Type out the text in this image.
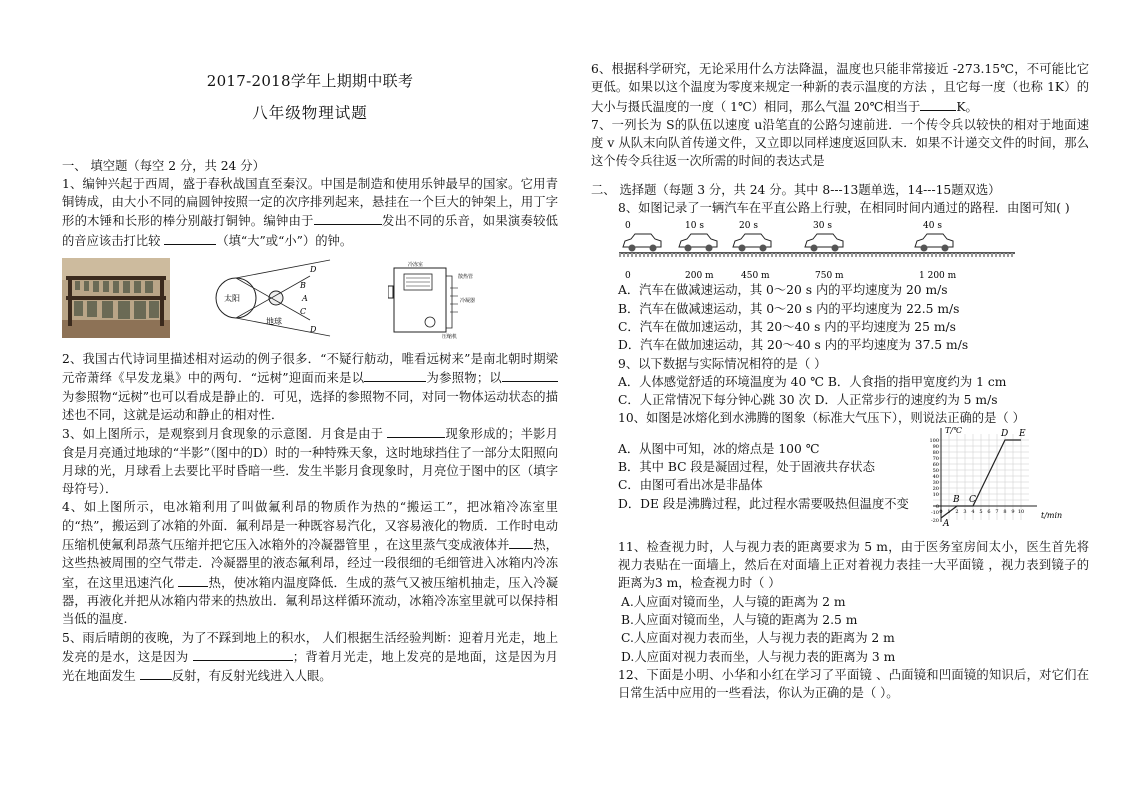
2017-2018学年上期期中联考
八年级物理试题

一、 填空题（每空 2 分，共 24 分）

1、编钟兴起于西周，盛于春秋战国直至秦汉。中国是制造和使用乐钟最早的国家。它用青铜铸成，由大小不同的扁圆钟按照一定的次序排列起来，悬挂在一个巨大的钟架上，用丁字形的木锤和长形的棒分别敲打铜钟。编钟由于	发出不同的乐音，如果演奏较低的音应该击打比较	（填“大”或“小”）的钟。

太阳
地球
D
B
A
C
D
冷冻室
散热管
冷凝器
压缩机

2、我国古代诗词里描述相对运动的例子很多．“不疑行舫动，唯看远树来”是南北朝时期梁元帝萧绎《早发龙巢》中的两句．“远树”迎面而来是以	为参照物；以为参照物“远树”也可以看成是静止的．可见，选择的参照物不同，对同一物体运动状态的描述也不同，这就是运动和静止的相对性．

3、如上图所示，是观察到月食现象的示意图．月食是由于	现象形成的；半影月食是月亮通过地球的“半影”（图中的D）时的一种特殊天象，这时地球挡住了一部分太阳照向月球的光，月球看上去要比平时昏暗一些．发生半影月食现象时，月亮位于图中的区（填字母符号）．

4、如上图所示，电冰箱利用了叫做氟利昂的物质作为热的“搬运工”，把冰箱冷冻室里的“热”，搬运到了冰箱的外面．氟利昂是一种既容易汽化，又容易液化的物质．工作时电动压缩机使氟利昂蒸气压缩并把它压入冰箱外的冷凝器管里 ，在这里蒸气变成液体并 热，这些热被周围的空气带走．冷凝器里的液态氟利昂，经过一段很细的毛细管进入冰箱内冷冻室，在这里迅速汽化	热，使冰箱内温度降低．生成的蒸气又被压缩机抽走，压入冷凝器，再液化并把从冰箱内带来的热放出．氟利昂这样循环流动，冰箱冷冻室里就可以保持相当低的温度.

5、雨后晴朗的夜晚，为了不踩到地上的积水， 人们根据生活经验判断：迎着月光走，地上发亮的是水，这是因为	；背着月光走，地上发亮的是地面，这是因为月光在地面发生	反射，有反射光线进入人眼。

6、根据科学研究，无论采用什么方法降温，温度也只能非常接近 -273.15℃，不可能比它更低。如果以这个温度为零度来规定一种新的表示温度的方法 ，且它每一度（也称 1K）的大小与摄氏温度的一度（ 1℃）相同，那么气温 20℃相当于	K。

7、一列长为 S的队伍以速度 u沿笔直的公路匀速前进．一个传令兵以较快的相对于地面速度 v 从队末向队首传递文件，又立即以同样速度返回队末．如果不计递交文件的时间，那么这个传令兵往返一次所需的时间的表达式是

二、 选择题（每题 3 分，共 24 分。其中 8---13题单选，14---15题双选）

8、如图记录了一辆汽车在平直公路上行驶，在相同时间内通过的路程．由图可知( )

0	10 s	20 s	30 s	40 s
0	200 m	450 m	750 m	1 200 m

A．汽车在做减速运动，其 0～20 s 内的平均速度为 20 m/s

B．汽车在做减速运动，其 0～20 s 内的平均速度为 22.5 m/s

C．汽车在做加速运动，其 20～40 s 内的平均速度为 25 m/s

D．汽车在做加速运动，其 20～40 s 内的平均速度为 37.5 m/s

9、以下数据与实际情况相符的是（ ）

A．人体感觉舒适的环境温度为 40 ℃ B．人食指的指甲宽度约为 1 cm

C．人正常情况下每分钟心跳 30 次 D．人正常步行的速度约为 5 m/s

10、如图是冰熔化到水沸腾的图象（标准大气压下），则说法正确的是（ ）

A．从图中可知，冰的熔点是 100 ℃

B．其中 BC 段是凝固过程，处于固液共存状态

C．由图可看出冰是非晶体

D．DE 段是沸腾过程，此过程水需要吸热但温度不变

T/℃
t/min
100
90
80
70
60
50
40
30
20
10
0
-10
-20
0 1 2 3 4 5 6 7 8 9 10
A
B C
D E

11、检查视力时，人与视力表的距离要求为 5 m，由于医务室房间太小，医生首先将视力表贴在一面墙上，然后在对面墙上正对着视力表挂一大平面镜 ，视力表到镜子的距离为3 m，检查视力时（ ）

A.人应面对镜而坐，人与镜的距离为 2 m

B.人应面对镜而坐，人与镜的距离为 2.5 m

C.人应面对视力表而坐，人与视力表的距离为 2 m

D.人应面对视力表而坐，人与视力表的距离为 3 m

12、下面是小明、小华和小红在学习了平面镜 、凸面镜和凹面镜的知识后，对它们在日常生活中应用的一些看法，你认为正确的是（ ）。
